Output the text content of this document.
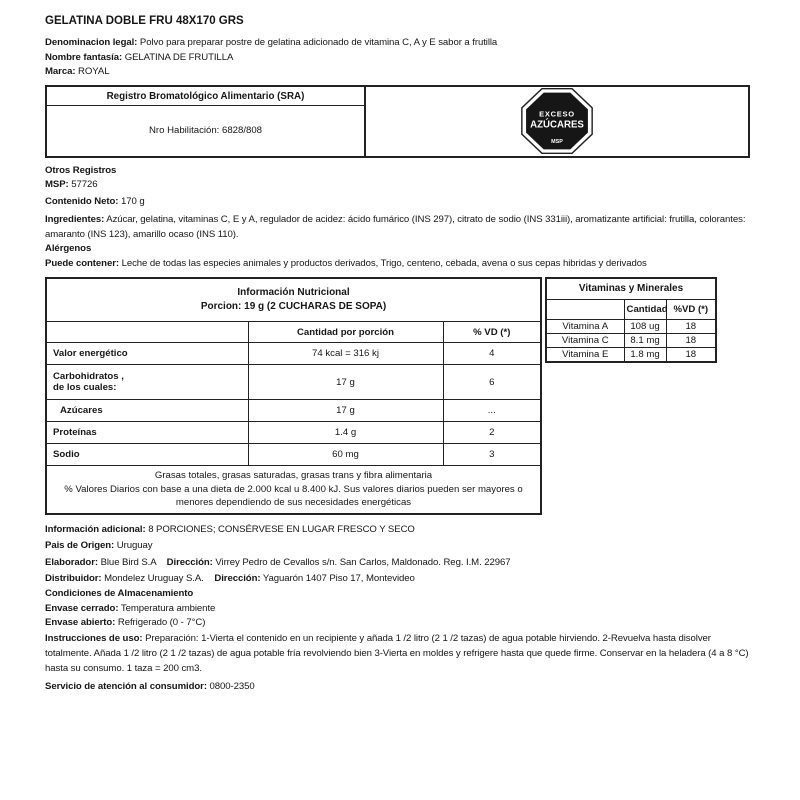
GELATINA DOBLE FRU 48X170 GRS
Denominacion legal: Polvo para preparar postre de gelatina adicionado de vitamina C, A y E sabor a frutilla
Nombre fantasía: GELATINA DE FRUTILLA
Marca: ROYAL
Registro Bromatológico Alimentario (SRA)
Nro Habilitación: 6828/808
EXCESO
AZÚCARES
MSP
Otros Registros
MSP: 57726
Contenido Neto: 170 g
Ingredientes: Azúcar, gelatina, vitaminas C, E y A, regulador de acidez: ácido fumárico (INS 297), citrato de sodio (INS 331iii), aromatizante artificial: frutilla, colorantes: amaranto (INS 123), amarillo ocaso (INS 110).
Alérgenos
Puede contener: Leche de todas las especies animales y productos derivados, Trigo, centeno, cebada, avena o sus cepas hibridas y derivados
Información Nutricional
Porcion: 19 g (2 CUCHARAS DE SOPA)		

	Cantidad por porción	% VD (*)
Valor energético	74 kcal = 316 kj	4

Carbohidratos ,
de los cuales:	17 g	6
Azúcares	17 g	...
Proteínas	1.4 g	2
Sodio	60 mg	3

Grasas totales, grasas saturadas, grasas trans y fibra alimentaria
% Valores Diarios con base a una dieta de 2.000 kcal u 8.400 kJ. Sus valores diarios pueden ser mayores o menores dependiendo de sus necesidades energéticas		
Vitaminas y Minerales		
	Cantidad	%VD (*)
Vitamina A	108 ug	18
Vitamina C	8.1 mg	18
Vitamina E	1.8 mg	18
Información adicional: 8 PORCIONES; CONSÉRVESE EN LUGAR FRESCO Y SECO
Pais de Origen: Uruguay
Elaborador: Blue Bird S.A Dirección: Virrey Pedro de Cevallos s/n. San Carlos, Maldonado. Reg. I.M. 22967
Distribuidor: Mondelez Uruguay S.A. Dirección: Yaguarón 1407 Piso 17, Montevideo
Condiciones de Almacenamiento
Envase cerrado: Temperatura ambiente
Envase abierto: Refrigerado (0 - 7°C)
Instrucciones de uso: Preparación: 1-Vierta el contenido en un recipiente y añada 1 /2 litro (2 1 /2 tazas) de agua potable hirviendo. 2-Revuelva hasta disolver totalmente. Añada 1 /2 litro (2 1 /2 tazas) de agua potable fría revolviendo bien 3-Vierta en moldes y refrigere hasta que quede firme. Conservar en la heladera (4 a 8 °C) hasta su consumo. 1 taza = 200 cm3.
Servicio de atención al consumidor: 0800-2350
